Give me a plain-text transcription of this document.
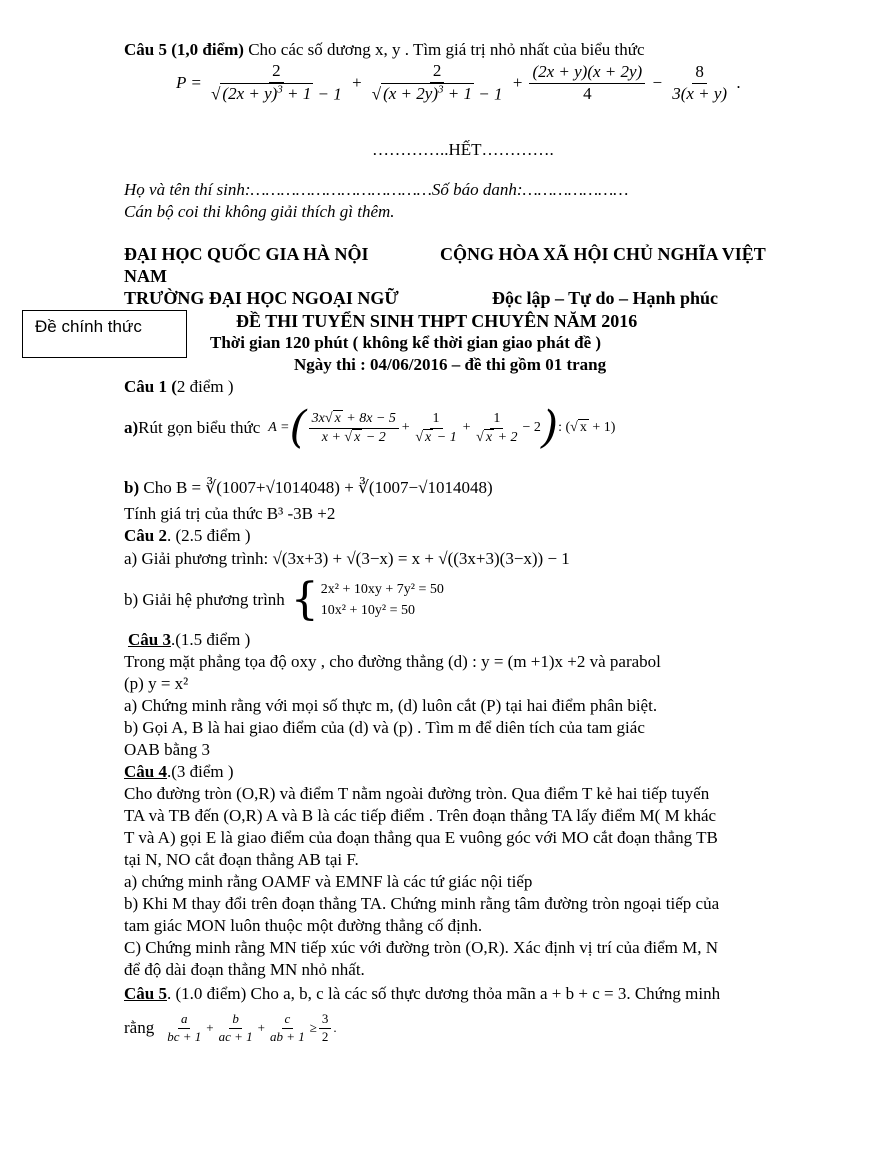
Câu 5 (1,0 điểm) Cho các số dương x, y . Tìm giá trị nhỏ nhất của biểu thức
$P = \frac{2}{√ (2x + y)^3 + 1 - 1} + \frac{2}{√ (x + 2y)^3 + 1 - 1} + \frac{(2x + y)(x + 2y)}{4} - \frac{8}{3(x + y)}$ .
…………..HẾT………….
Họ và tên thí sinh:………………………………Số báo danh:…………………
Cán bộ coi thi không giải thích gì thêm.
ĐẠI HỌC QUỐC GIA HÀ NỘI	CỘNG HÒA XÃ HỘI CHỦ NGHĨA VIỆT
NAM
TRƯỜNG ĐẠI HỌC NGOẠI NGỮ	Độc lập – Tự do – Hạnh phúc
Đề chính thức	ĐỀ THI TUYỂN SINH THPT CHUYÊN NĂM 2016
Thời gian 120 phút ( không kể thời gian giao phát đề )
Ngày thi : 04/06/2016 – đề thi gồm 01 trang
Câu 1 (2 điểm )
a) Rút gọn biểu thức A = ( $\frac{3x√ x + 8x - 5}{x + √ x - 2} + \frac{1}{√ x - 1} + \frac{1}{√ x + 2} - 2$ ) : (√ x + 1)
b) Cho B = ∛(1007+√1014048) + ∛(1007−√1014048)
Tính giá trị của thức B³ -3B +2
Câu 2. (2.5 điểm )
a) Giải phương trình: √(3x+3) + √(3−x) = x + √((3x+3)(3−x)) − 1
b) Giải hệ phương trình { 2x² + 10xy + 7y² = 50
10x² + 10y² = 50
Câu 3.(1.5 điểm )
Trong mặt phẳng tọa độ oxy , cho đường thẳng (d) : y = (m +1)x +2 và parabol
(p) y = x²
a) Chứng minh rằng với mọi số thực m, (d) luôn cắt (P) tại hai điểm phân biệt.
b) Gọi A, B là hai giao điểm của (d) và (p) . Tìm m để diên tích của tam giác
OAB bằng 3
Câu 4.(3 điểm )
Cho đường tròn (O,R) và điểm T nằm ngoài đường tròn. Qua điểm T kẻ hai tiếp tuyến
TA và TB đến (O,R) A và B là các tiếp điểm . Trên đoạn thẳng TA lấy điểm M( M khác
T và A) gọi E là giao điểm của đoạn thẳng qua E vuông góc với MO cắt đoạn thẳng TB
tại N, NO cắt đoạn thẳng AB tại F.
a) chứng minh rằng OAMF và EMNF là các tứ giác nội tiếp
b) Khi M thay đổi trên đoạn thẳng TA. Chứng minh rằng tâm đường tròn ngoại tiếp của
tam giác MON luôn thuộc một đường thẳng cố định.
C) Chứng minh rằng MN tiếp xúc với đường tròn (O,R). Xác định vị trí của điểm M, N
để độ dài đoạn thẳng MN nhỏ nhất.
Câu 5. (1.0 điểm) Cho a, b, c là các số thực dương thỏa mãn a + b + c = 3. Chứng minh
rằng $\frac{a}{bc + 1} + \frac{b}{ac + 1} + \frac{c}{ab + 1} \ge \frac{3}{2}$ .
